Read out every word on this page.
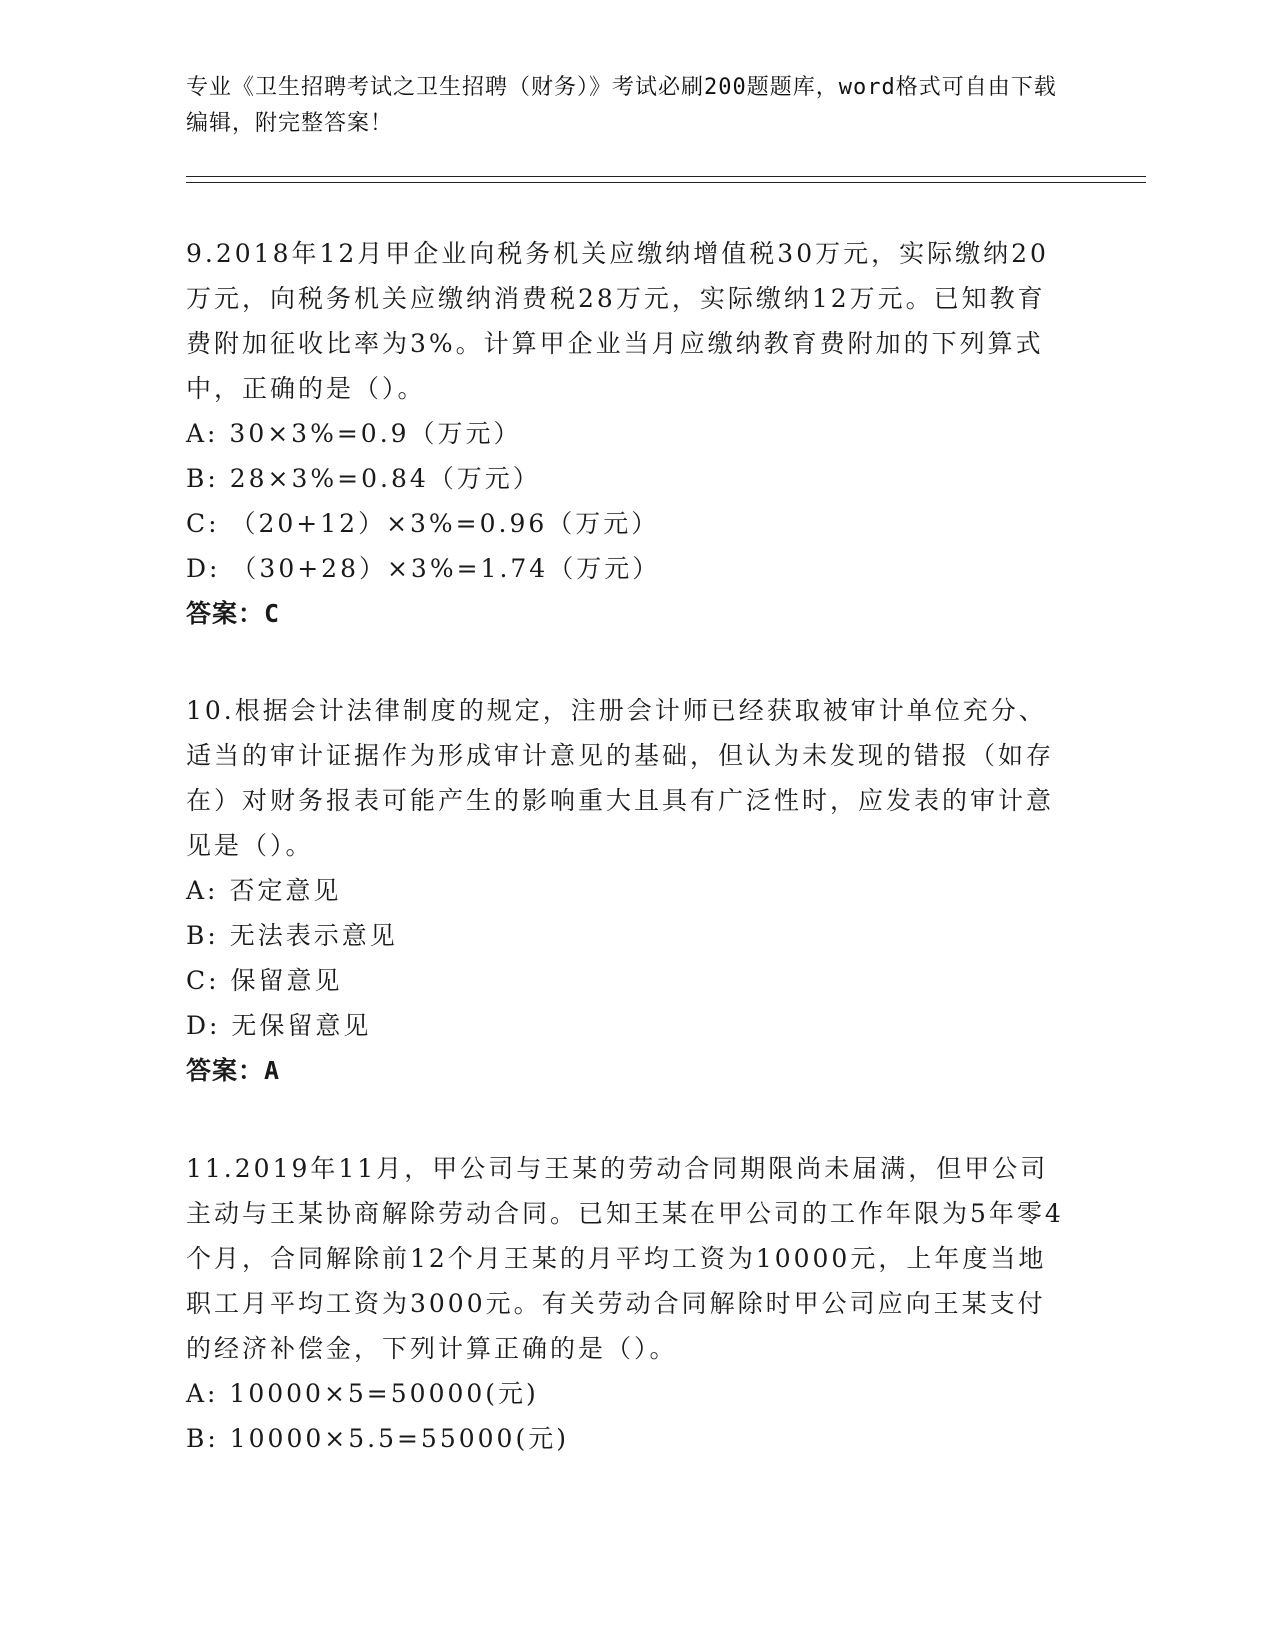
专业《卫生招聘考试之卫生招聘（财务）》考试必刷200题题库，word格式可自由下载编辑，附完整答案！

9.2018年12月甲企业向税务机关应缴纳增值税30万元，实际缴纳20万元，向税务机关应缴纳消费税28万元，实际缴纳12万元。已知教育费附加征收比率为3%。计算甲企业当月应缴纳教育费附加的下列算式中，正确的是（）。

A: 30×3%=0.9（万元）

B: 28×3%=0.84（万元）

C: （20+12）×3%=0.96（万元）

D: （30+28）×3%=1.74（万元）

答案：C

10.根据会计法律制度的规定，注册会计师已经获取被审计单位充分、适当的审计证据作为形成审计意见的基础，但认为未发现的错报（如存在）对财务报表可能产生的影响重大且具有广泛性时，应发表的审计意见是（）。

A: 否定意见

B: 无法表示意见

C: 保留意见

D: 无保留意见

答案：A

11.2019年11月，甲公司与王某的劳动合同期限尚未届满，但甲公司主动与王某协商解除劳动合同。已知王某在甲公司的工作年限为5年零4个月，合同解除前12个月王某的月平均工资为10000元，上年度当地职工月平均工资为3000元。有关劳动合同解除时甲公司应向王某支付的经济补偿金，下列计算正确的是（）。

A: 10000×5=50000(元)

B: 10000×5.5=55000(元)
